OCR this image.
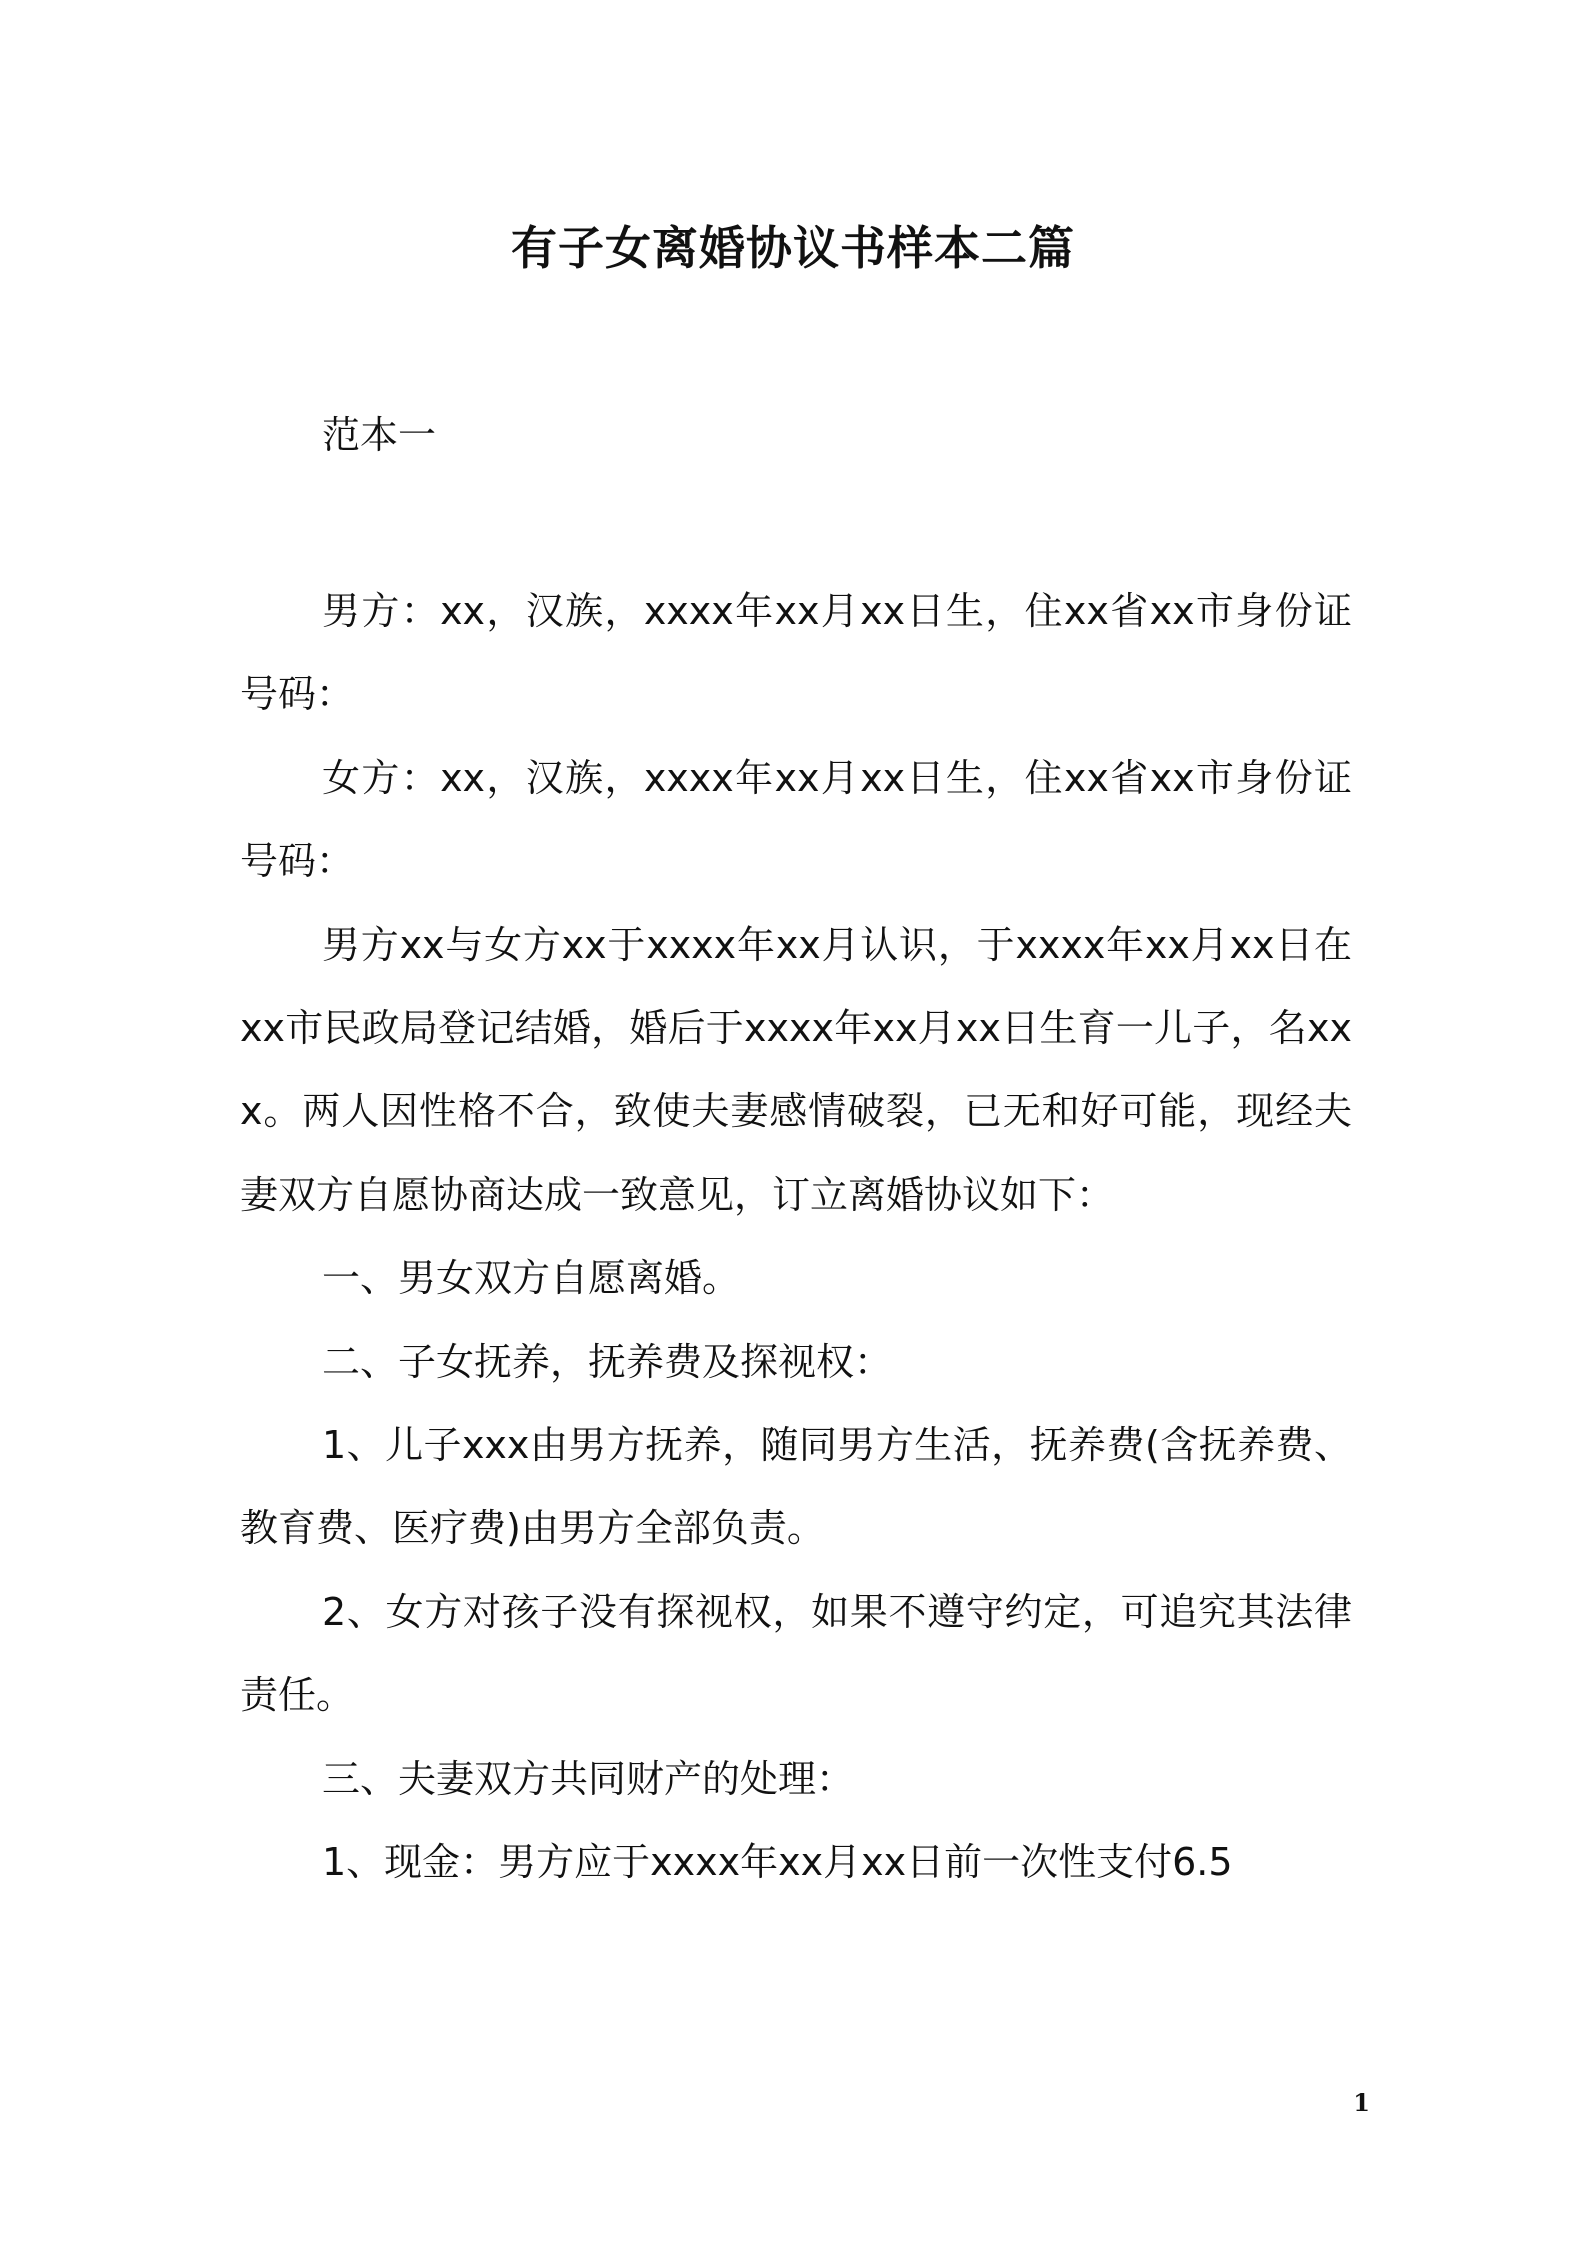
有子女离婚协议书样本二篇
范本一

男方：xx，汉族，xxxx年xx月xx日生，住xx省xx市身份证号码：

女方：xx，汉族，xxxx年xx月xx日生，住xx省xx市身份证号码：

男方xx与女方xx于xxxx年xx月认识，于xxxx年xx月xx日在xx市民政局登记结婚，婚后于xxxx年xx月xx日生育一儿子，名xxx。两人因性格不合，致使夫妻感情破裂，已无和好可能，现经夫妻双方自愿协商达成一致意见，订立离婚协议如下：

一、男女双方自愿离婚。

二、子女抚养，抚养费及探视权：

1、儿子xxx由男方抚养，随同男方生活，抚养费(含抚养费、教育费、医疗费)由男方全部负责。

2、女方对孩子没有探视权，如果不遵守约定，可追究其法律责任。

三、夫妻双方共同财产的处理：

1、现金：男方应于xxxx年xx月xx日前一次性支付6.5

1
